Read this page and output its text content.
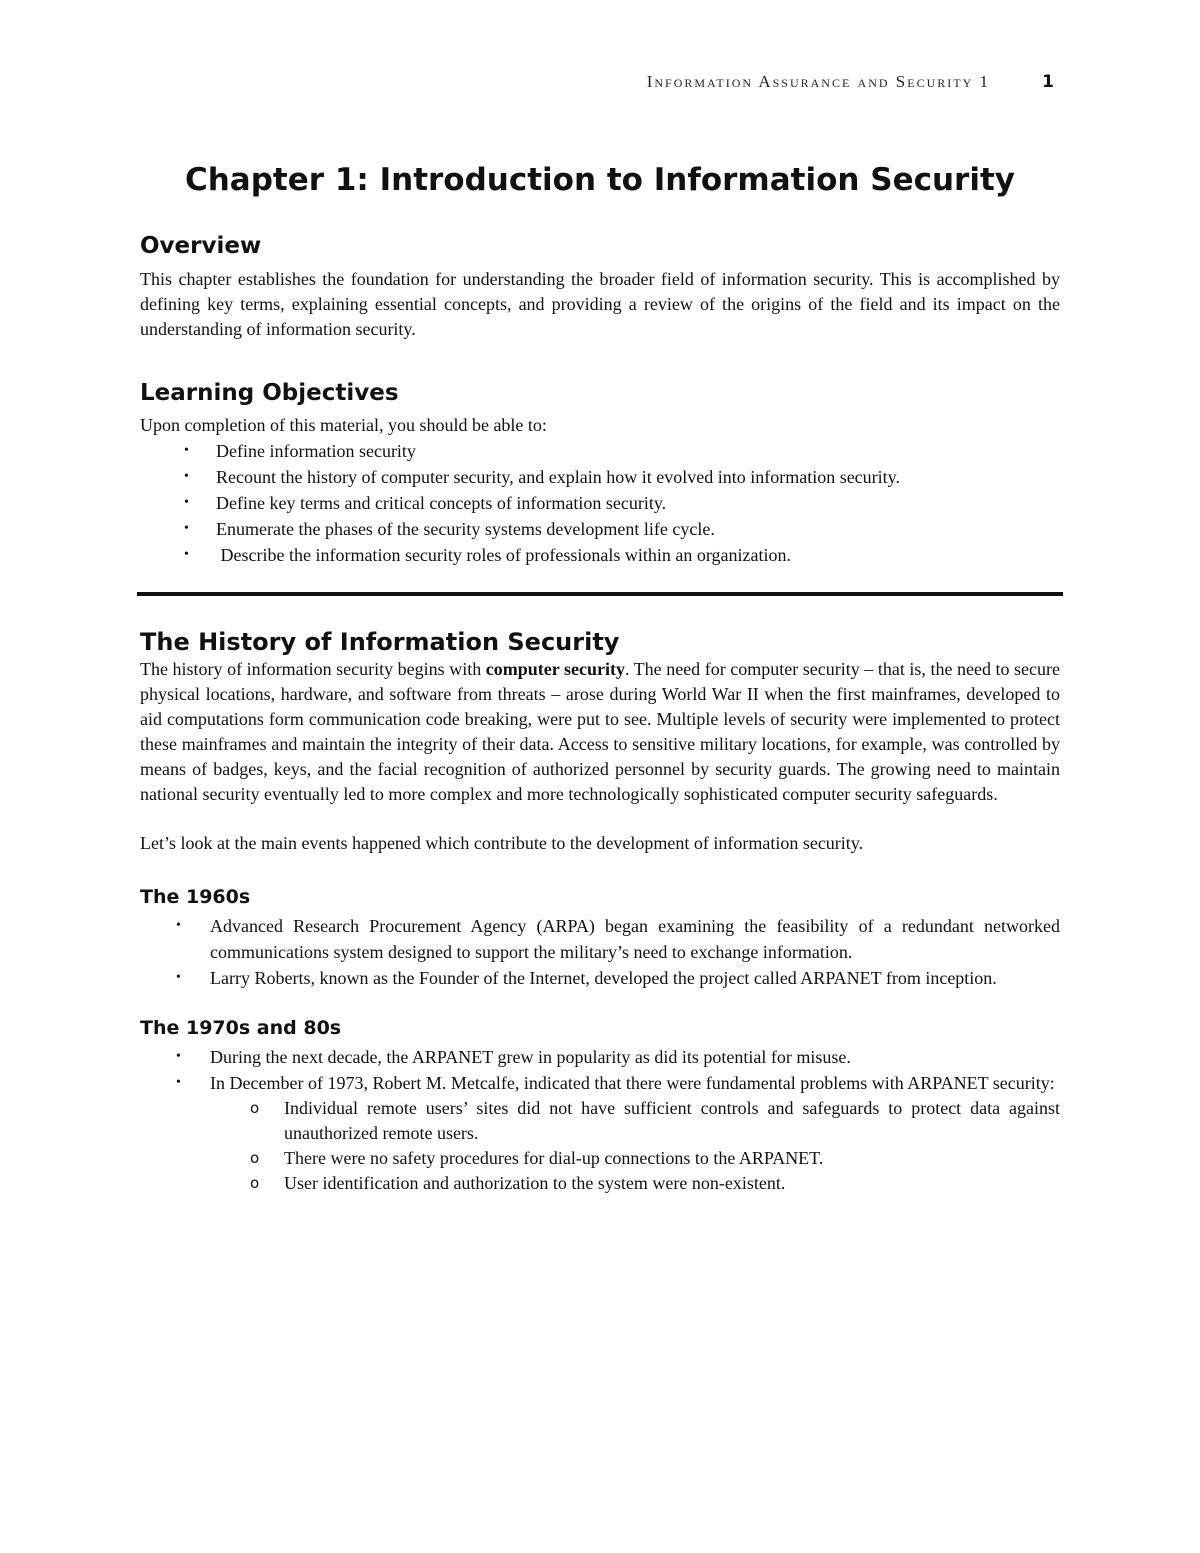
Information Assurance and Security 1	1
Chapter 1: Introduction to Information Security
Overview

This chapter establishes the foundation for understanding the broader field of information security. This is accomplished by defining key terms, explaining essential concepts, and providing a review of the origins of the field and its impact on the understanding of information security.

Learning Objectives

Upon completion of this material, you should be able to:

• Define information security
• Recount the history of computer security, and explain how it evolved into information security.
• Define key terms and critical concepts of information security.
• Enumerate the phases of the security systems development life cycle.
• Describe the information security roles of professionals within an organization.
The History of Information Security

The history of information security begins with computer security. The need for computer security – that is, the need to secure physical locations, hardware, and software from threats – arose during World War II when the first mainframes, developed to aid computations form communication code breaking, were put to see. Multiple levels of security were implemented to protect these mainframes and maintain the integrity of their data. Access to sensitive military locations, for example, was controlled by means of badges, keys, and the facial recognition of authorized personnel by security guards. The growing need to maintain national security eventually led to more complex and more technologically sophisticated computer security safeguards.

Let’s look at the main events happened which contribute to the development of information security.

The 1960s
• Advanced Research Procurement Agency (ARPA) began examining the feasibility of a redundant networked communications system designed to support the military’s need to exchange information.
• Larry Roberts, known as the Founder of the Internet, developed the project called ARPANET from inception.
The 1970s and 80s
• During the next decade, the ARPANET grew in popularity as did its potential for misuse.
• In December of 1973, Robert M. Metcalfe, indicated that there were fundamental problems with ARPANET security:
o Individual remote users’ sites did not have sufficient controls and safeguards to protect data against unauthorized remote users.
o There were no safety procedures for dial-up connections to the ARPANET.
o User identification and authorization to the system were non-existent.
